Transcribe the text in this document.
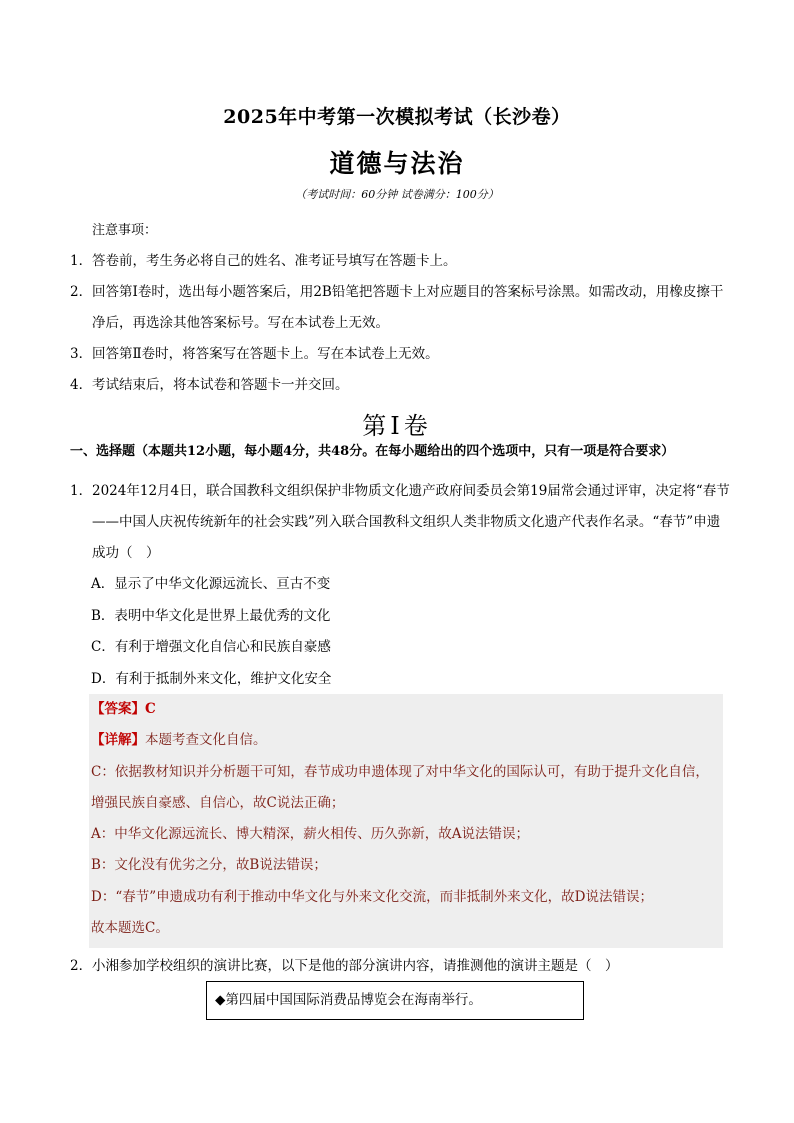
2025年中考第一次模拟考试（长沙卷）
道德与法治
（考试时间：60分钟 试卷满分：100分）
注意事项：
1． 答卷前，考生务必将自己的姓名、准考证号填写在答题卡上。
2． 回答第Ⅰ卷时，选出每小题答案后，用2B铅笔把答题卡上对应题目的答案标号涂黑。如需改动，用橡皮擦干净后，再选涂其他答案标号。写在本试卷上无效。
3． 回答第Ⅱ卷时，将答案写在答题卡上。写在本试卷上无效。
4． 考试结束后，将本试卷和答题卡一并交回。
第Ⅰ卷
一、选择题（本题共12小题，每小题4分，共48分。在每小题给出的四个选项中，只有一项是符合要求）
1． 2024年12月4日，联合国教科文组织保护非物质文化遗产政府间委员会第19届常会通过评审，决定将“春节——中国人庆祝传统新年的社会实践”列入联合国教科文组织人类非物质文化遗产代表作名录。“春节”申遗成功（　）
A．显示了中华文化源远流长、亘古不变
B．表明中华文化是世界上最优秀的文化
C．有利于增强文化自信心和民族自豪感
D．有利于抵制外来文化，维护文化安全
【答案】C
【详解】本题考查文化自信。
C：依据教材知识并分析题干可知，春节成功申遗体现了对中华文化的国际认可，有助于提升文化自信，
增强民族自豪感、自信心，故C说法正确；
A：中华文化源远流长、博大精深，薪火相传、历久弥新，故A说法错误；
B：文化没有优劣之分，故B说法错误；
D：“春节”申遗成功有利于推动中华文化与外来文化交流，而非抵制外来文化，故D说法错误；
故本题选C。
2． 小湘参加学校组织的演讲比赛，以下是他的部分演讲内容，请推测他的演讲主题是（　）
◆第四届中国国际消费品博览会在海南举行。
